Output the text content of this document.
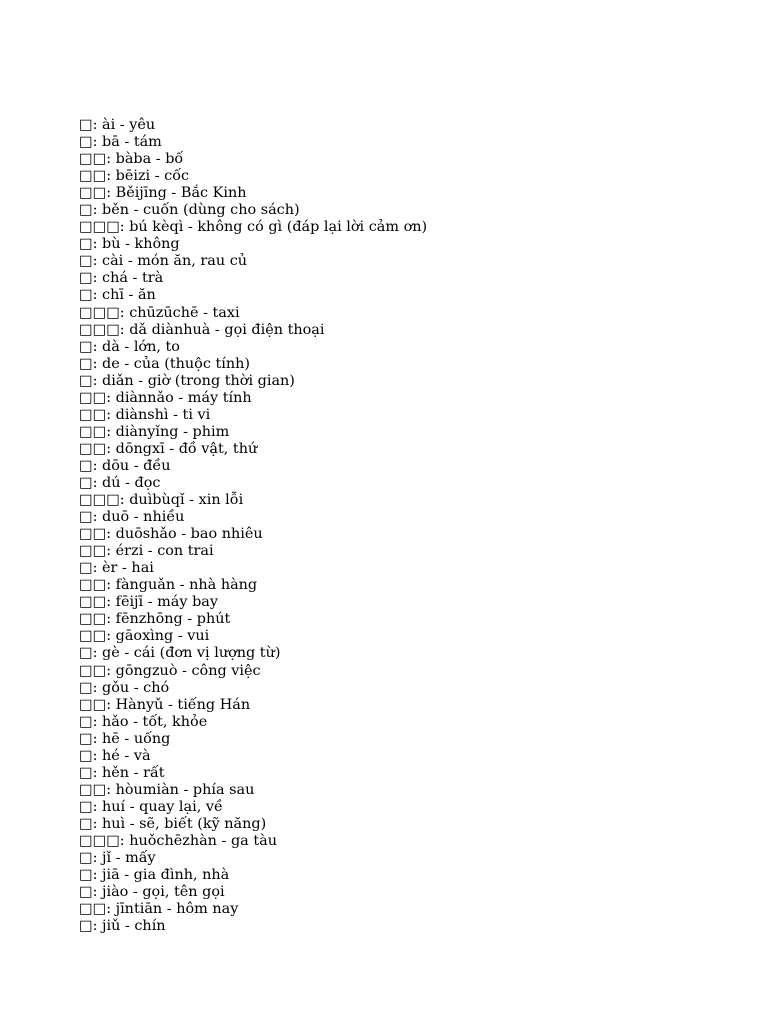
□: ài - yêu
□: bā - tám
□□: bàba - bố
□□: bēizi - cốc
□□: Běijīng - Bắc Kinh
□: běn - cuốn (dùng cho sách)
□□□: bú kèqì - không có gì (đáp lại lời cảm ơn)
□: bù - không
□: cài - món ăn, rau củ
□: chá - trà
□: chī - ăn
□□□: chūzūchē - taxi
□□□: dǎ diànhuà - gọi điện thoại
□: dà - lớn, to
□: de - của (thuộc tính)
□: diǎn - giờ (trong thời gian)
□□: diànnǎo - máy tính
□□: diànshì - ti vi
□□: diànyǐng - phim
□□: dōngxī - đồ vật, thứ
□: dōu - đều
□: dú - đọc
□□□: duìbùqǐ - xin lỗi
□: duō - nhiều
□□: duōshǎo - bao nhiêu
□□: érzi - con trai
□: èr - hai
□□: fànguǎn - nhà hàng
□□: fēijī - máy bay
□□: fēnzhōng - phút
□□: gāoxìng - vui
□: gè - cái (đơn vị lượng từ)
□□: gōngzuò - công việc
□: gǒu - chó
□□: Hànyǔ - tiếng Hán
□: hǎo - tốt, khỏe
□: hē - uống
□: hé - và
□: hěn - rất
□□: hòumiàn - phía sau
□: huí - quay lại, về
□: huì - sẽ, biết (kỹ năng)
□□□: huǒchēzhàn - ga tàu
□: jǐ - mấy
□: jiā - gia đình, nhà
□: jiào - gọi, tên gọi
□□: jīntiān - hôm nay
□: jiǔ - chín
